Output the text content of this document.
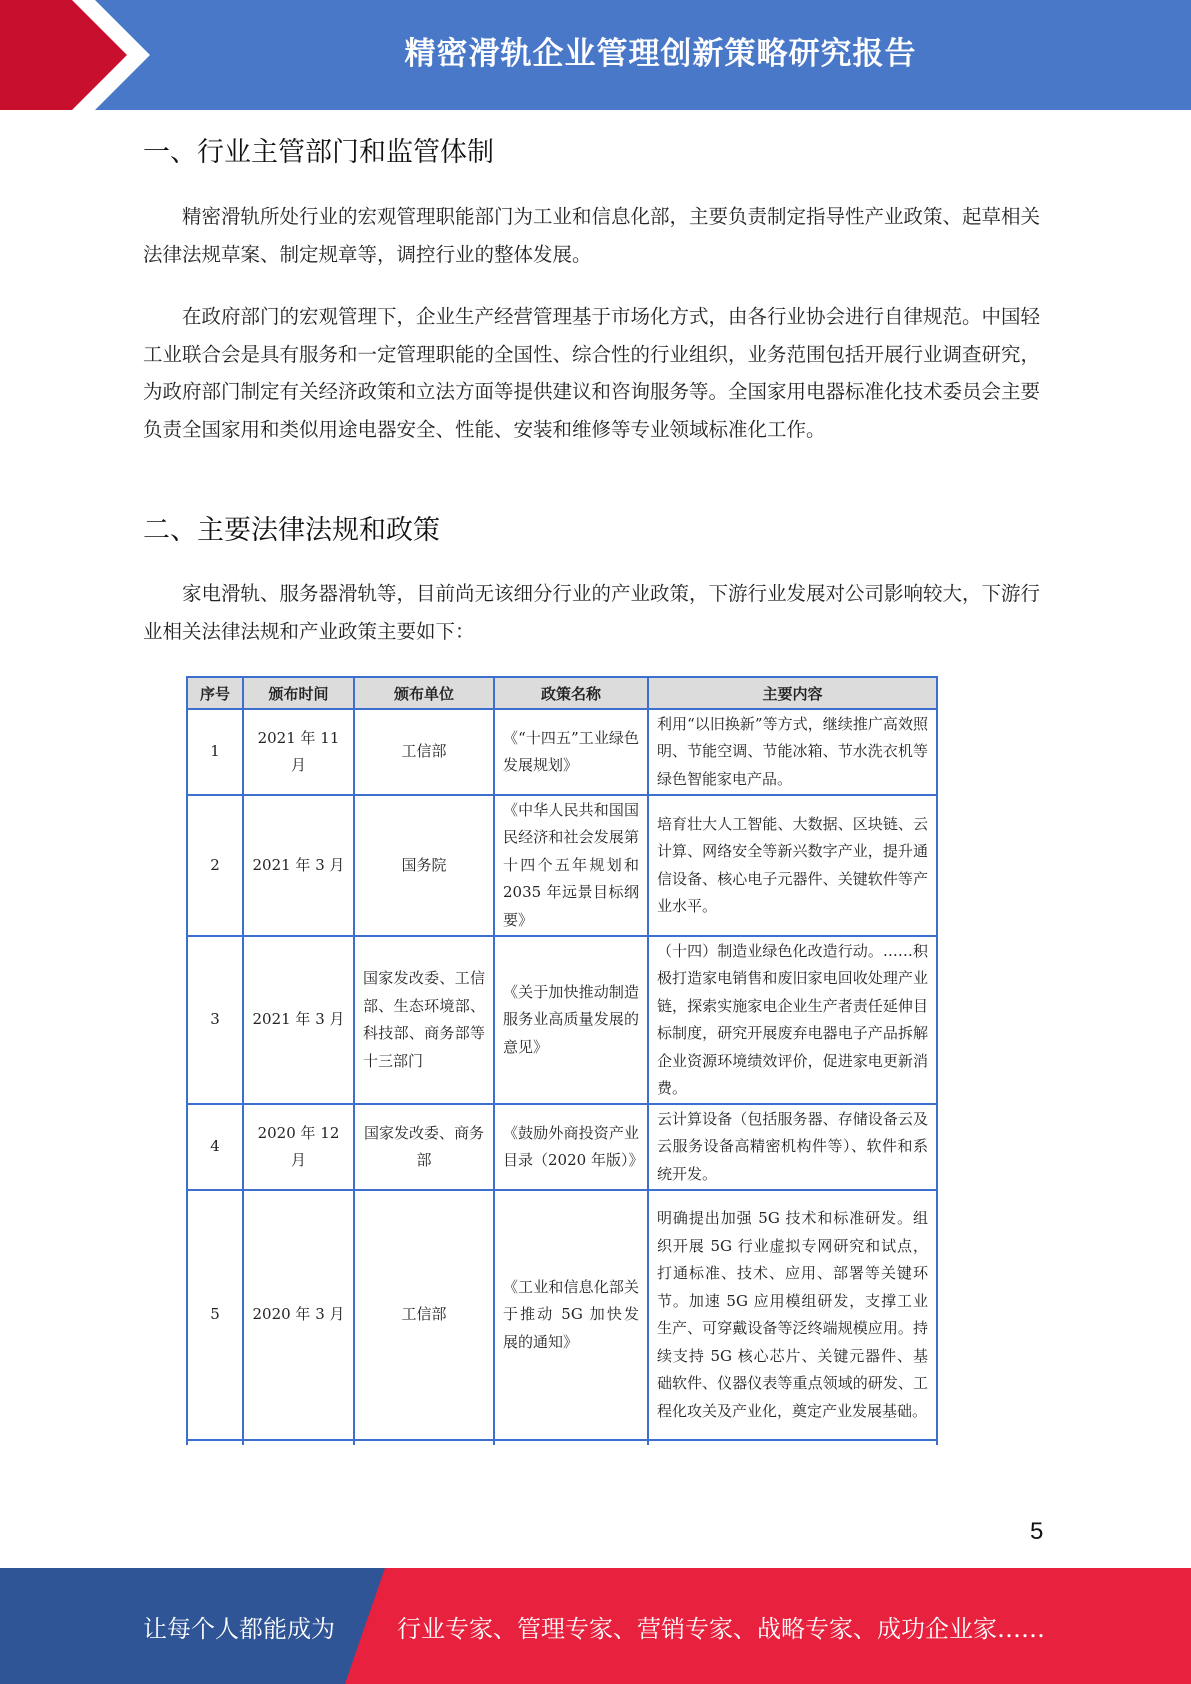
精密滑轨企业管理创新策略研究报告
一、行业主管部门和监管体制

精密滑轨所处行业的宏观管理职能部门为工业和信息化部，主要负责制定指导性产业政策、起草相关法律法规草案、制定规章等，调控行业的整体发展。

在政府部门的宏观管理下，企业生产经营管理基于市场化方式，由各行业协会进行自律规范。中国轻工业联合会是具有服务和一定管理职能的全国性、综合性的行业组织，业务范围包括开展行业调查研究，为政府部门制定有关经济政策和立法方面等提供建议和咨询服务等。全国家用电器标准化技术委员会主要负责全国家用和类似用途电器安全、性能、安装和维修等专业领域标准化工作。

二、主要法律法规和政策

家电滑轨、服务器滑轨等，目前尚无该细分行业的产业政策，下游行业发展对公司影响较大，下游行业相关法律法规和产业政策主要如下：

序号	颁布时间	颁布单位	政策名称	主要内容
1	2021 年 11 月	工信部	《“十四五”工业绿色发展规划》	利用“以旧换新”等方式，继续推广高效照明、节能空调、节能冰箱、节水洗衣机等绿色智能家电产品。
2	2021 年 3 月	国务院	《中华人民共和国国民经济和社会发展第十四个五年规划和 2035 年远景目标纲要》	培育壮大人工智能、大数据、区块链、云计算、网络安全等新兴数字产业，提升通信设备、核心电子元器件、关键软件等产业水平。
3	2021 年 3 月	国家发改委、工信部、生态环境部、科技部、商务部等十三部门	《关于加快推动制造服务业高质量发展的意见》	（十四）制造业绿色化改造行动。……积极打造家电销售和废旧家电回收处理产业链，探索实施家电企业生产者责任延伸目标制度，研究开展废弃电器电子产品拆解企业资源环境绩效评价，促进家电更新消费。
4	2020 年 12 月	国家发改委、商务部	《鼓励外商投资产业目录（2020 年版）》	云计算设备（包括服务器、存储设备云及云服务设备高精密机构件等）、软件和系统开发。
5	2020 年 3 月	工信部	《工业和信息化部关于推动 5G 加快发展的通知》	明确提出加强 5G 技术和标准研发。组织开展 5G 行业虚拟专网研究和试点，打通标准、技术、应用、部署等关键环节。加速 5G 应用模组研发，支撑工业生产、可穿戴设备等泛终端规模应用。持续支持 5G 核心芯片、关键元器件、基础软件、仪器仪表等重点领域的研发、工程化攻关及产业化，奠定产业发展基础。

5
让每个人都能成为	行业专家、管理专家、营销专家、战略专家、成功企业家……
